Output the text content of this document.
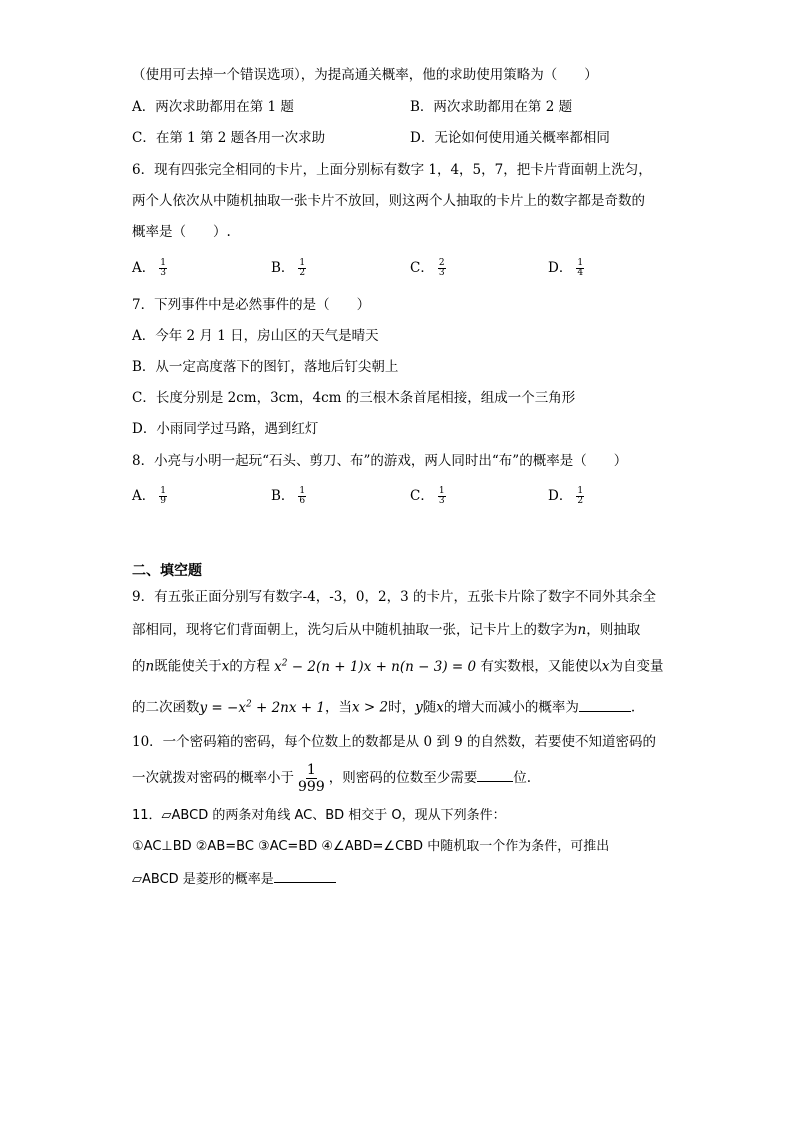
（使用可去掉一个错误选项），为提高通关概率，他的求助使用策略为（　　）
A．两次求助都用在第 1 题	B．两次求助都用在第 2 题
C．在第 1 第 2 题各用一次求助	D．无论如何使用通关概率都相同
6．现有四张完全相同的卡片，上面分别标有数字 1，4，5，7，把卡片背面朝上洗匀，
两个人依次从中随机抽取一张卡片不放回，则这两个人抽取的卡片上的数字都是奇数的
概率是（　　）.
A． $\frac{1}{3}$	B． $\frac{1}{2}$	C． $\frac{2}{3}$	D． $\frac{1}{4}$
7．下列事件中是必然事件的是（　　）
A．今年 2 月 1 日，房山区的天气是晴天
B．从一定高度落下的图钉，落地后钉尖朝上
C．长度分别是 2cm，3cm，4cm 的三根木条首尾相接，组成一个三角形
D．小雨同学过马路，遇到红灯
8．小亮与小明一起玩“石头、剪刀、布”的游戏，两人同时出“布”的概率是（　　）
A． $\frac{1}{9}$	B． $\frac{1}{6}$	C． $\frac{1}{3}$	D． $\frac{1}{2}$
二、填空题
9．有五张正面分别写有数字-4，-3，0，2，3 的卡片，五张卡片除了数字不同外其余全
部相同，现将它们背面朝上，洗匀后从中随机抽取一张，记卡片上的数字为n，则抽取
的n既能使关于x的方程 $x^2 - 2(n + 1)x + n(n - 3) = 0$ 有实数根，又能使以x为自变量
的二次函数$y = -x^2 + 2nx + 1$，当x > 2时，y随x的增大而减小的概率为	.
10．一个密码箱的密码，每个位数上的数都是从 0 到 9 的自然数，若要使不知道密码的
一次就拨对密码的概率小于 $\frac{1}{999}$ ，则密码的位数至少需要	位.
11．▱ABCD 的两条对角线 AC、BD 相交于 O，现从下列条件：
①AC⊥BD ②AB=BC ③AC=BD ④∠ABD=∠CBD 中随机取一个作为条件，可推出
▱ABCD 是菱形的概率是
